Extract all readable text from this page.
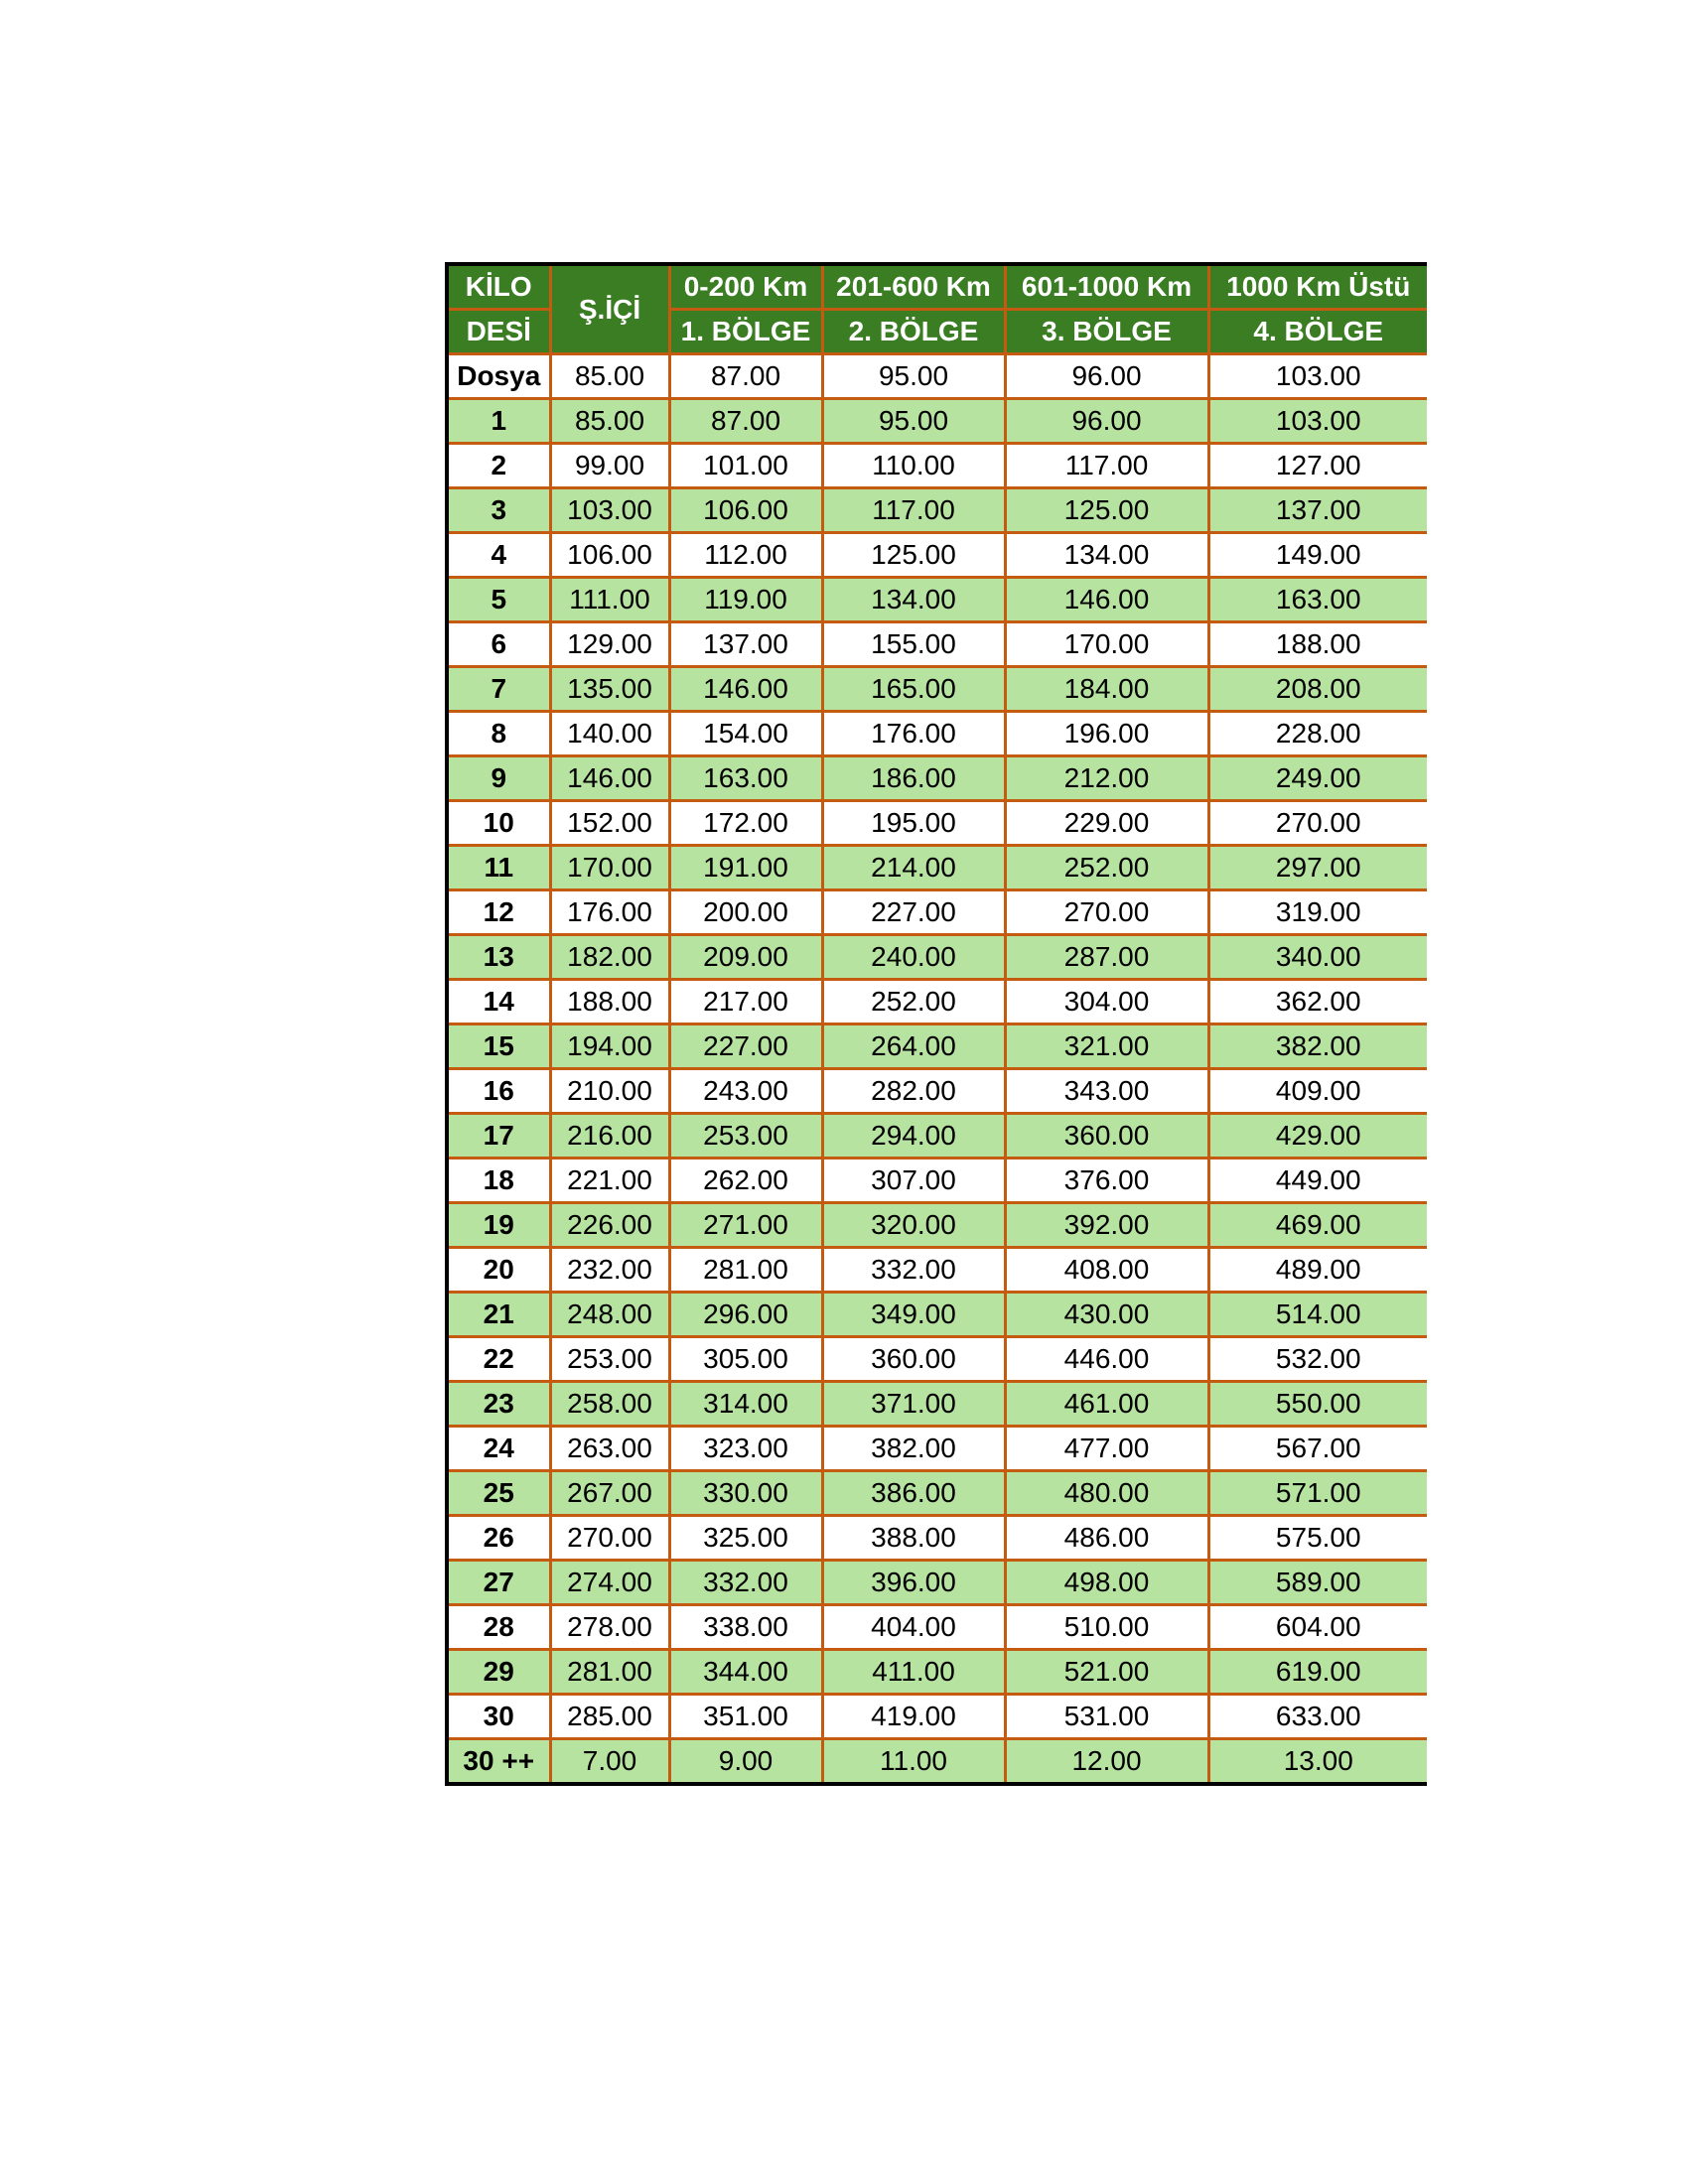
KİLO	Ş.İÇİ	0-200 Km	201-600 Km	601-1000 Km	1000 Km Üstü
DESİ		1. BÖLGE	2. BÖLGE	3. BÖLGE	4. BÖLGE
Dosya	85.00	87.00	95.00	96.00	103.00
1	85.00	87.00	95.00	96.00	103.00
2	99.00	101.00	110.00	117.00	127.00
3	103.00	106.00	117.00	125.00	137.00
4	106.00	112.00	125.00	134.00	149.00
5	111.00	119.00	134.00	146.00	163.00
6	129.00	137.00	155.00	170.00	188.00
7	135.00	146.00	165.00	184.00	208.00
8	140.00	154.00	176.00	196.00	228.00
9	146.00	163.00	186.00	212.00	249.00
10	152.00	172.00	195.00	229.00	270.00
11	170.00	191.00	214.00	252.00	297.00
12	176.00	200.00	227.00	270.00	319.00
13	182.00	209.00	240.00	287.00	340.00
14	188.00	217.00	252.00	304.00	362.00
15	194.00	227.00	264.00	321.00	382.00
16	210.00	243.00	282.00	343.00	409.00
17	216.00	253.00	294.00	360.00	429.00
18	221.00	262.00	307.00	376.00	449.00
19	226.00	271.00	320.00	392.00	469.00
20	232.00	281.00	332.00	408.00	489.00
21	248.00	296.00	349.00	430.00	514.00
22	253.00	305.00	360.00	446.00	532.00
23	258.00	314.00	371.00	461.00	550.00
24	263.00	323.00	382.00	477.00	567.00
25	267.00	330.00	386.00	480.00	571.00
26	270.00	325.00	388.00	486.00	575.00
27	274.00	332.00	396.00	498.00	589.00
28	278.00	338.00	404.00	510.00	604.00
29	281.00	344.00	411.00	521.00	619.00
30	285.00	351.00	419.00	531.00	633.00
30 ++	7.00	9.00	11.00	12.00	13.00
